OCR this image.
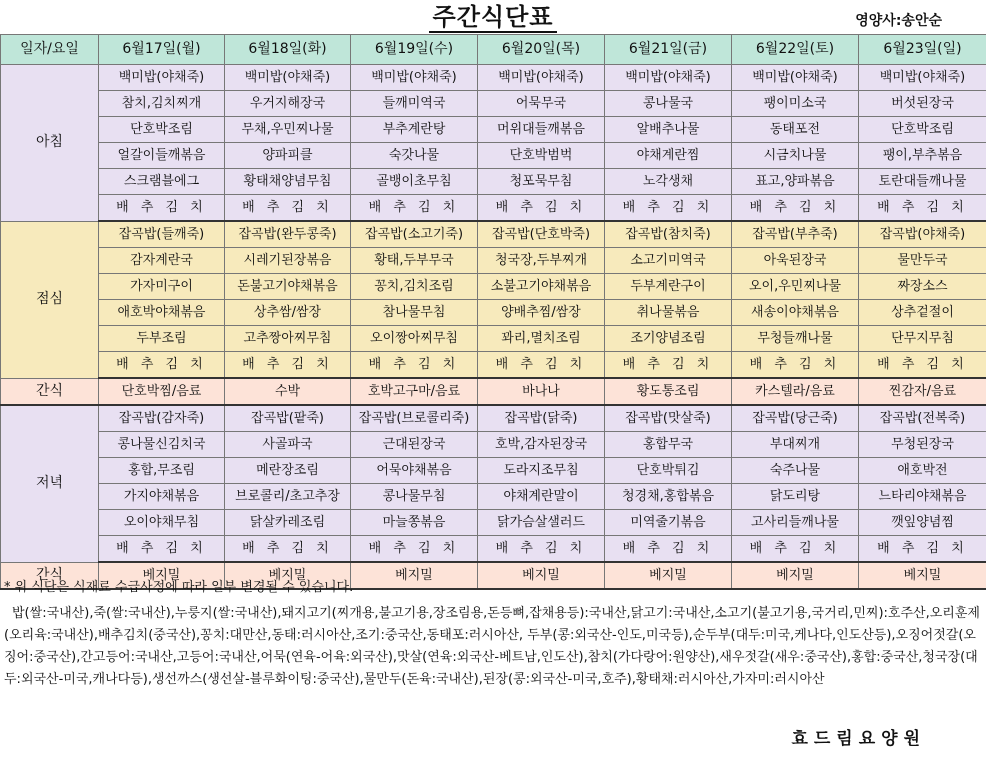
주간식단표	영양사:송안순
일자/요일	6월17일(월)	6월18일(화)	6월19일(수)	6월20일(목)	6월21일(금)	6월22일(토)	6월23일(일)
아침	백미밥(야채죽)	백미밥(야채죽)	백미밥(야채죽)	백미밥(야채죽)	백미밥(야채죽)	백미밥(야채죽)	백미밥(야채죽)
	참치,김치찌개	우거지해장국	들깨미역국	어묵무국	콩나물국	팽이미소국	버섯된장국
	단호박조림	무채,우민찌나물	부추계란탕	머위대들깨볶음	알배추나물	동태포전	단호박조림
	얼갈이들깨볶음	양파피클	숙갓나물	단호박범벅	야채계란찜	시금치나물	팽이,부추볶음
	스크램블에그	황태채양념무침	골뱅이초무침	청포묵무침	노각생채	표고,양파볶음	토란대들깨나물
	배 추 김 치	배 추 김 치	배 추 김 치	배 추 김 치	배 추 김 치	배 추 김 치	배 추 김 치
점심	잡곡밥(들깨죽)	잡곡밥(완두콩죽)	잡곡밥(소고기죽)	잡곡밥(단호박죽)	잡곡밥(참치죽)	잡곡밥(부추죽)	잡곡밥(야채죽)
	감자계란국	시레기된장볶음	황태,두부무국	청국장,두부찌개	소고기미역국	아욱된장국	물만두국
	가자미구이	돈불고기야채볶음	꽁치,김치조림	소불고기야채볶음	두부계란구이	오이,우민찌나물	짜장소스
	애호박야채볶음	상추쌈/쌈장	참나물무침	양배추찜/쌈장	취나물볶음	새송이야채볶음	상추겉절이
	두부조림	고추짱아찌무침	오이짱아찌무침	꽈리,멸치조림	조기양념조림	무청들깨나물	단무지무침
	배 추 김 치	배 추 김 치	배 추 김 치	배 추 김 치	배 추 김 치	배 추 김 치	배 추 김 치
간식	단호박찜/음료	수박	호박고구마/음료	바나나	황도통조림	카스텔라/음료	찐감자/음료
저녁	잡곡밥(감자죽)	잡곡밥(팥죽)	잡곡밥(브로콜리죽)	잡곡밥(닭죽)	잡곡밥(맛살죽)	잡곡밥(당근죽)	잡곡밥(전복죽)
	콩나물신김치국	사골파국	근대된장국	호박,감자된장국	홍합무국	부대찌개	무청된장국
	홍합,무조림	메란장조림	어묵야채볶음	도라지조무침	단호박튀김	숙주나물	애호박전
	가지야채볶음	브로콜리/초고추장	콩나물무침	야채계란말이	청경채,홍합볶음	닭도리탕	느타리야채볶음
	오이야채무침	닭살카레조림	마늘쫑볶음	닭가슴살샐러드	미역줄기볶음	고사리들깨나물	깻잎양념찜
	배 추 김 치	배 추 김 치	배 추 김 치	배 추 김 치	배 추 김 치	배 추 김 치	배 추 김 치
간식	베지밀	베지밀	베지밀	베지밀	베지밀	베지밀	베지밀
* 위 식단은 식재료 수급사정에 따라 일부 변경될 수 있습니다.
밥(쌀:국내산),죽(쌀:국내산),누룽지(쌀:국내산),돼지고기(찌개용,불고기용,장조림용,돈등뼈,잡채용등):국내산,닭고기:국내산,소고기(불고기용,국거리,민찌):호주산,오리훈제(오리육:국내산),배추김치(중국산),꽁치:대만산,동태:러시아산,조기:중국산,동태포:러시아산, 두부(콩:외국산-인도,미국등),순두부(대두:미국,케나다,인도산등),오징어젓갈(오징어:중국산),간고등어:국내산,고등어:국내산,어묵(연육-어육:외국산),맛살(연육:외국산-베트남,인도산),참치(가다랑어:원양산),새우젓갈(새우:중국산),홍합:중국산,청국장(대두:외국산-미국,캐나다등),생선까스(생선살-블루화이팅:중국산),물만두(돈육:국내산),된장(콩:외국산-미국,호주),황태채:러시아산,가자미:러시아산
효드림요양원
